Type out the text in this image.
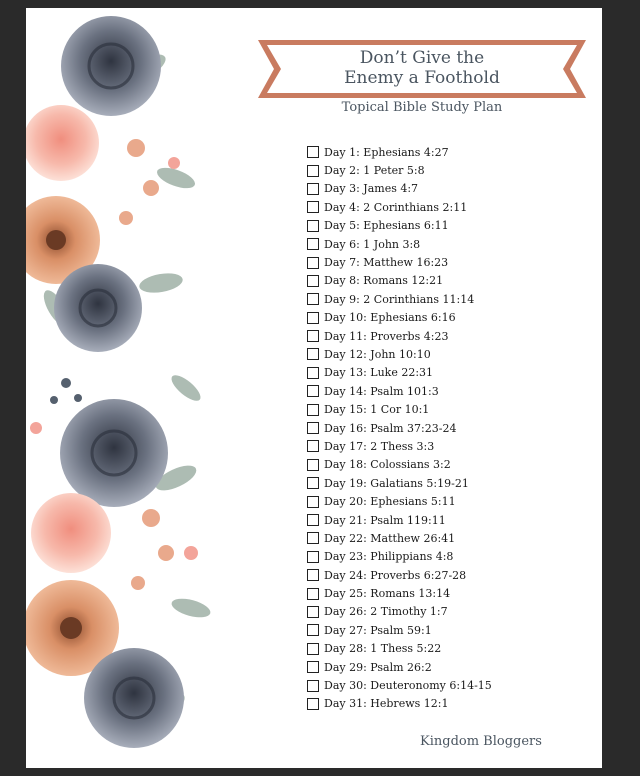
Don’t Give the
Enemy a Foothold
Topical Bible Study Plan
Day 1: Ephesians 4:27
Day 2: 1 Peter 5:8
Day 3: James 4:7
Day 4: 2 Corinthians 2:11
Day 5: Ephesians 6:11
Day 6: 1 John 3:8
Day 7: Matthew 16:23
Day 8: Romans 12:21
Day 9: 2 Corinthians 11:14
Day 10: Ephesians 6:16
Day 11: Proverbs 4:23
Day 12: John 10:10
Day 13: Luke 22:31
Day 14: Psalm 101:3
Day 15: 1 Cor 10:1
Day 16: Psalm 37:23-24
Day 17: 2 Thess 3:3
Day 18: Colossians 3:2
Day 19: Galatians 5:19-21
Day 20: Ephesians 5:11
Day 21: Psalm 119:11
Day 22: Matthew 26:41
Day 23: Philippians 4:8
Day 24: Proverbs 6:27-28
Day 25: Romans 13:14
Day 26: 2 Timothy 1:7
Day 27: Psalm 59:1
Day 28: 1 Thess 5:22
Day 29: Psalm 26:2
Day 30: Deuteronomy 6:14-15
Day 31: Hebrews 12:1
Kingdom Bloggers
